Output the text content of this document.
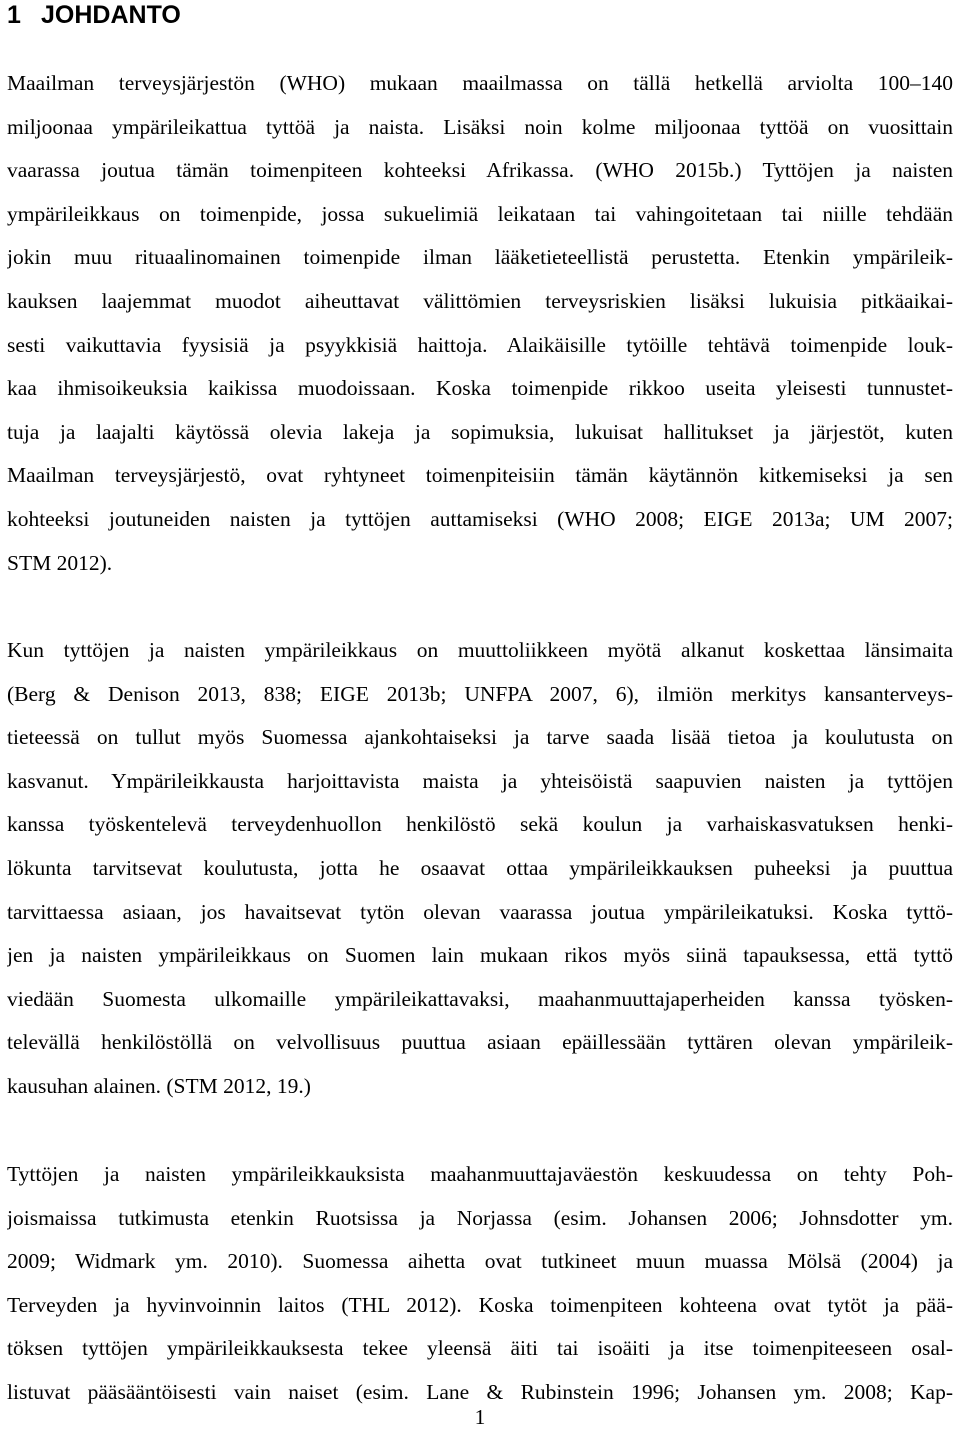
1 JOHDANTO
Maailman terveysjärjestön (WHO) mukaan maailmassa on tällä hetkellä arviolta 100–140
miljoonaa ympärileikattua tyttöä ja naista. Lisäksi noin kolme miljoonaa tyttöä on vuosittain
vaarassa joutua tämän toimenpiteen kohteeksi Afrikassa. (WHO 2015b.) Tyttöjen ja naisten
ympärileikkaus on toimenpide, jossa sukuelimiä leikataan tai vahingoitetaan tai niille tehdään
jokin muu rituaalinomainen toimenpide ilman lääketieteellistä perustetta. Etenkin ympärileik-
kauksen laajemmat muodot aiheuttavat välittömien terveysriskien lisäksi lukuisia pitkäaikai-
sesti vaikuttavia fyysisiä ja psyykkisiä haittoja. Alaikäisille tytöille tehtävä toimenpide louk-
kaa ihmisoikeuksia kaikissa muodoissaan. Koska toimenpide rikkoo useita yleisesti tunnustet-
tuja ja laajalti käytössä olevia lakeja ja sopimuksia, lukuisat hallitukset ja järjestöt, kuten
Maailman terveysjärjestö, ovat ryhtyneet toimenpiteisiin tämän käytännön kitkemiseksi ja sen
kohteeksi joutuneiden naisten ja tyttöjen auttamiseksi (WHO 2008; EIGE 2013a; UM 2007;
STM 2012).
Kun tyttöjen ja naisten ympärileikkaus on muuttoliikkeen myötä alkanut koskettaa länsimaita
(Berg & Denison 2013, 838; EIGE 2013b; UNFPA 2007, 6), ilmiön merkitys kansanterveys-
tieteessä on tullut myös Suomessa ajankohtaiseksi ja tarve saada lisää tietoa ja koulutusta on
kasvanut. Ympärileikkausta harjoittavista maista ja yhteisöistä saapuvien naisten ja tyttöjen
kanssa työskentelevä terveydenhuollon henkilöstö sekä koulun ja varhaiskasvatuksen henki-
lökunta tarvitsevat koulutusta, jotta he osaavat ottaa ympärileikkauksen puheeksi ja puuttua
tarvittaessa asiaan, jos havaitsevat tytön olevan vaarassa joutua ympärileikatuksi. Koska tyttö-
jen ja naisten ympärileikkaus on Suomen lain mukaan rikos myös siinä tapauksessa, että tyttö
viedään Suomesta ulkomaille ympärileikattavaksi, maahanmuuttajaperheiden kanssa työsken-
televällä henkilöstöllä on velvollisuus puuttua asiaan epäillessään tyttären olevan ympärileik-
kausuhan alainen. (STM 2012, 19.)
Tyttöjen ja naisten ympärileikkauksista maahanmuuttajaväestön keskuudessa on tehty Poh-
joismaissa tutkimusta etenkin Ruotsissa ja Norjassa (esim. Johansen 2006; Johnsdotter ym.
2009; Widmark ym. 2010). Suomessa aihetta ovat tutkineet muun muassa Mölsä (2004) ja
Terveyden ja hyvinvoinnin laitos (THL 2012). Koska toimenpiteen kohteena ovat tytöt ja pää-
töksen tyttöjen ympärileikkauksesta tekee yleensä äiti tai isoäiti ja itse toimenpiteeseen osal-
listuvat pääsääntöisesti vain naiset (esim. Lane & Rubinstein 1996; Johansen ym. 2008; Kap-
1
